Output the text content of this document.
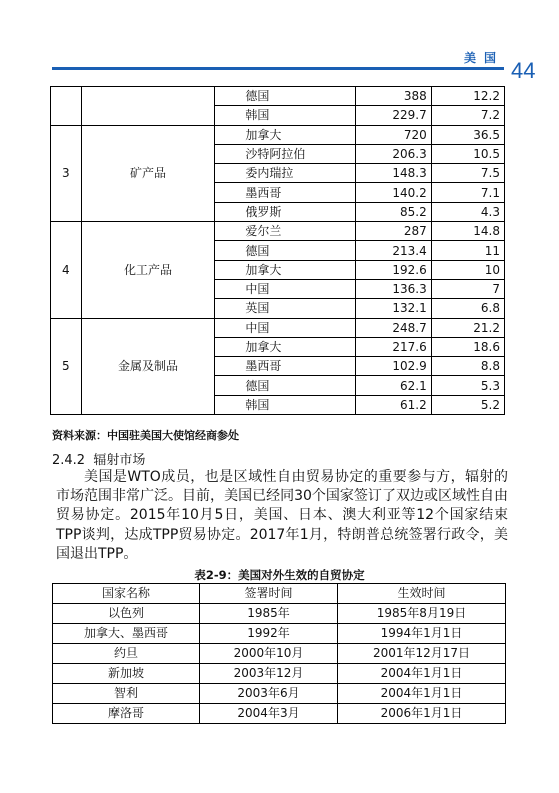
美国 44
		德国	388	12.2
		韩国	229.7	7.2
3	矿产品	加拿大	720	36.5
		沙特阿拉伯	206.3	10.5
		委内瑞拉	148.3	7.5
		墨西哥	140.2	7.1
		俄罗斯	85.2	4.3
4	化工产品	爱尔兰	287	14.8
		德国	213.4	11
		加拿大	192.6	10
		中国	136.3	7
		英国	132.1	6.8
5	金属及制品	中国	248.7	21.2
		加拿大	217.6	18.6
		墨西哥	102.9	8.8
		德国	62.1	5.3
		韩国	61.2	5.2
资料来源：中国驻美国大使馆经商参处
2.4.2 辐射市场
美国是WTO成员，也是区域性自由贸易协定的重要参与方，辐射的市场范围非常广泛。目前，美国已经同30个国家签订了双边或区域性自由贸易协定。2015年10月5日，美国、日本、澳大利亚等12个国家结束TPP谈判，达成TPP贸易协定。2017年1月，特朗普总统签署行政令，美国退出TPP。
表2-9：美国对外生效的自贸协定
国家名称	签署时间	生效时间
以色列	1985年	1985年8月19日
加拿大、墨西哥	1992年	1994年1月1日
约旦	2000年10月	2001年12月17日
新加坡	2003年12月	2004年1月1日
智利	2003年6月	2004年1月1日
摩洛哥	2004年3月	2006年1月1日
